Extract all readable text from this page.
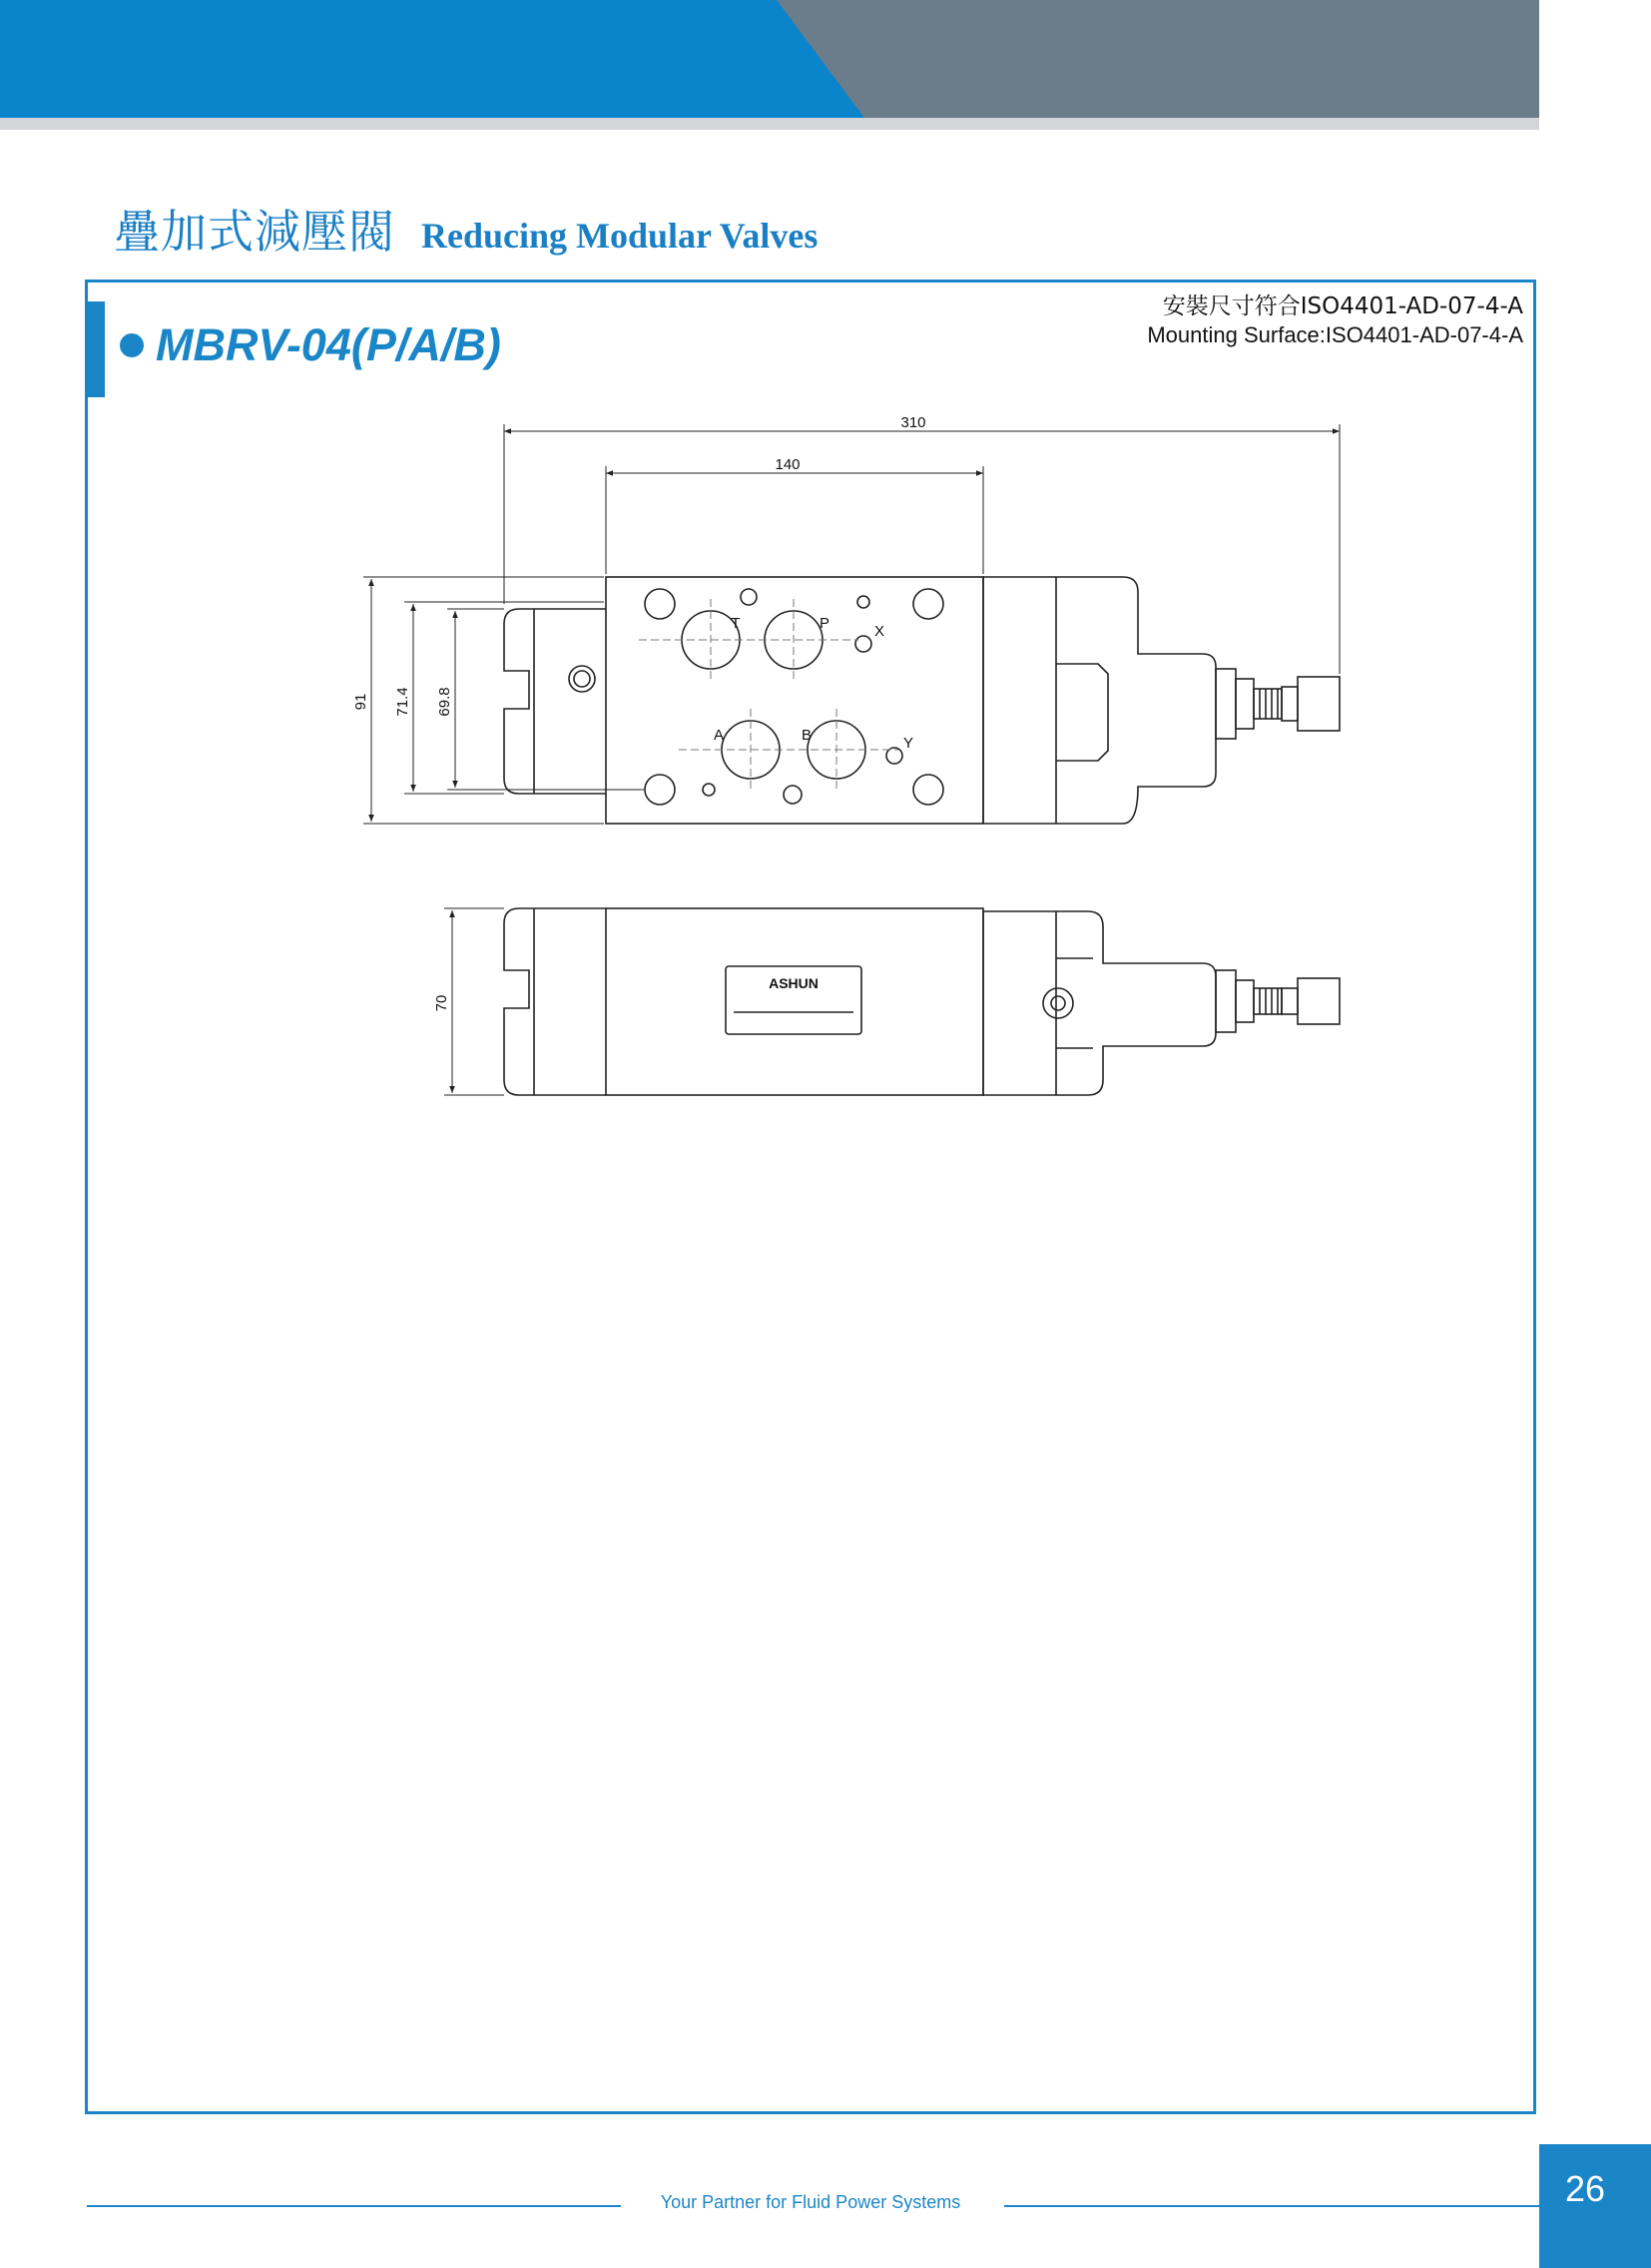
疊加式減壓閥 Reducing Modular Valves
MBRV-04(P/A/B)
安裝尺寸符合ISO4401-AD-07-4-A
Mounting Surface:ISO4401-AD-07-4-A
310
140
91 71.4 69.8
70
T	P	X
A	B	Y
ASHUN
Your Partner for Fluid Power Systems	26
